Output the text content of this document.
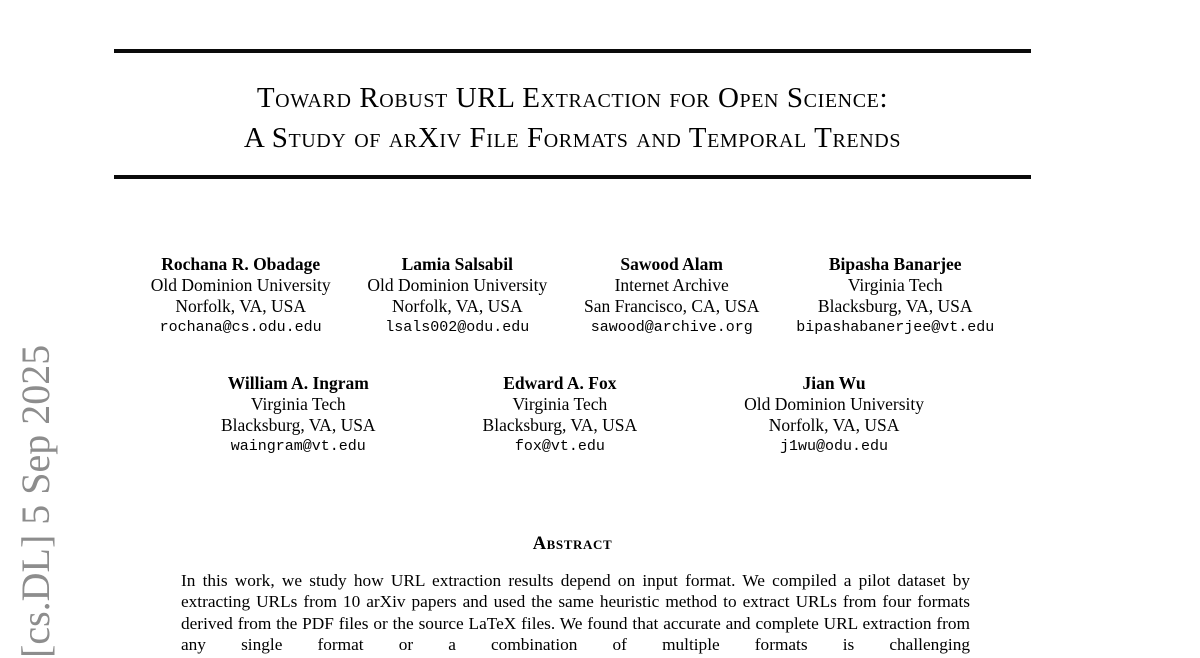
[cs.DL] 5 Sep 2025
Toward Robust URL Extraction for Open Science:
A Study of arXiv File Formats and Temporal Trends
Rochana R. Obadage
Old Dominion University
Norfolk, VA, USA
rochana@cs.odu.edu
Lamia Salsabil
Old Dominion University
Norfolk, VA, USA
lsals002@odu.edu
Sawood Alam
Internet Archive
San Francisco, CA, USA
sawood@archive.org
Bipasha Banarjee
Virginia Tech
Blacksburg, VA, USA
bipashabanerjee@vt.edu
William A. Ingram
Virginia Tech
Blacksburg, VA, USA
waingram@vt.edu
Edward A. Fox
Virginia Tech
Blacksburg, VA, USA
fox@vt.edu
Jian Wu
Old Dominion University
Norfolk, VA, USA
j1wu@odu.edu
Abstract

In this work, we study how URL extraction results depend on input format. We compiled a pilot dataset by extracting URLs from 10 arXiv papers and used the same heuristic method to extract URLs from four formats derived from the PDF files or the source LaTeX files. We found that accurate and complete URL extraction from any single format or a combination of multiple formats is challenging
